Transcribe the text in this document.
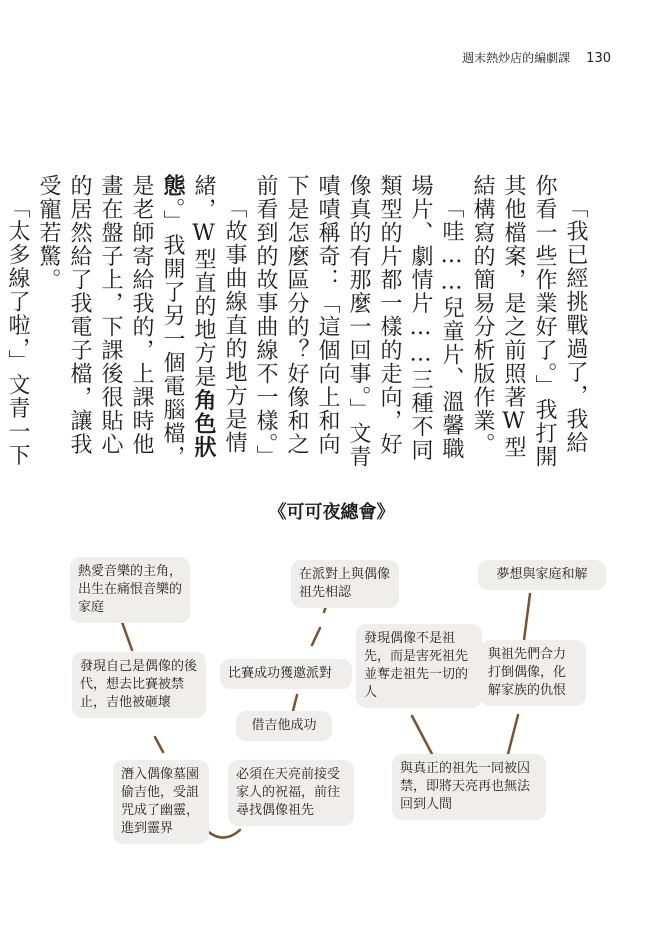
週末熱炒店的編劇課 130

「我已經挑戰過了，我給你看一些作業好了。」我打開其他檔案，是之前照著W型結構寫的簡易分析版作業。

「哇……兒童片、溫馨職場片、劇情片……三種不同類型的片都一樣的走向，好像真的有那麼一回事。」文青嘖嘖稱奇：「這個向上和向下是怎麼區分的？好像和之前看到的故事曲線不一樣。」

「故事曲線直的地方是情緒，W型直的地方是角色狀態。」我開了另一個電腦檔，是老師寄給我的，上課時他畫在盤子上，下課後很貼心的居然給了我電子檔，讓我受寵若驚。

「太多線了啦，」文青一下

《可可夜總會》
熱愛音樂的主角，出生在痛恨音樂的家庭
發現自己是偶像的後代，想去比賽被禁止，吉他被砸壞
潛入偶像墓園偷吉他，受詛咒成了幽靈，進到靈界
必須在天亮前接受家人的祝福，前往尋找偶像祖先
借吉他成功
比賽成功獲邀派對
在派對上與偶像祖先相認
發現偶像不是祖先，而是害死祖先並奪走祖先一切的人
與真正的祖先一同被囚禁，即將天亮再也無法回到人間
與祖先們合力打倒偶像，化解家族的仇恨
夢想與家庭和解
